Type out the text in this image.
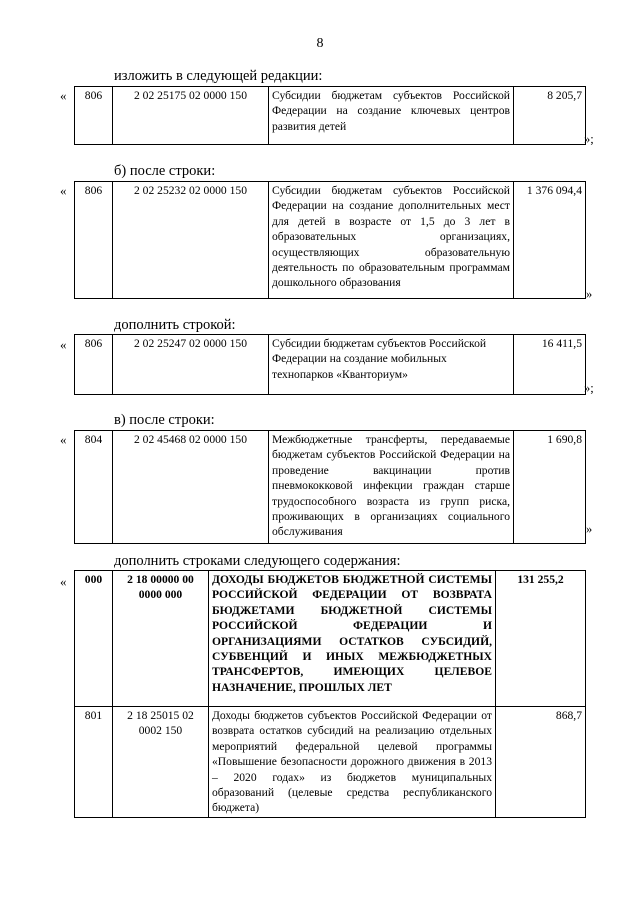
8
изложить в следующей редакции:
« 806	2 02 25175 02 0000 150	Субсидии бюджетам субъектов Российской Федерации на создание ключевых центров развития детей	8 205,7
»;
б) после строки:
« 806	2 02 25232 02 0000 150	Субсидии бюджетам субъектов Российской Федерации на создание дополнительных мест для детей в возрасте от 1,5 до 3 лет в образовательных организациях, осуществляющих образовательную деятельность по образовательным программам дошкольного образования	1 376 094,4
»
дополнить строкой:
« 806	2 02 25247 02 0000 150	Субсидии бюджетам субъектов Российской Федерации на создание мобильных технопарков «Кванториум»	16 411,5
»;
в) после строки:
« 804	2 02 45468 02 0000 150	Межбюджетные трансферты, передаваемые бюджетам субъектов Российской Федерации на проведение вакцинации против пневмококковой инфекции граждан старше трудоспособного возраста из групп риска, проживающих в организациях социального обслуживания	1 690,8
»
дополнить строками следующего содержания:
« 000	2 18 00000 00 0000 000	ДОХОДЫ БЮДЖЕТОВ БЮДЖЕТНОЙ СИСТЕМЫ РОССИЙСКОЙ ФЕДЕРАЦИИ ОТ ВОЗВРАТА БЮДЖЕТАМИ БЮДЖЕТНОЙ СИСТЕМЫ РОССИЙСКОЙ ФЕДЕРАЦИИ И ОРГАНИЗАЦИЯМИ ОСТАТКОВ СУБСИДИЙ, СУБВЕНЦИЙ И ИНЫХ МЕЖБЮДЖЕТНЫХ ТРАНСФЕРТОВ, ИМЕЮЩИХ ЦЕЛЕВОЕ НАЗНАЧЕНИЕ, ПРОШЛЫХ ЛЕТ	131 255,2
801	2 18 25015 02 0002 150	Доходы бюджетов субъектов Российской Федерации от возврата остатков субсидий на реализацию отдельных мероприятий федеральной целевой программы «Повышение безопасности дорожного движения в 2013 – 2020 годах» из бюджетов муниципальных образований (целевые средства республиканского бюджета)	868,7
